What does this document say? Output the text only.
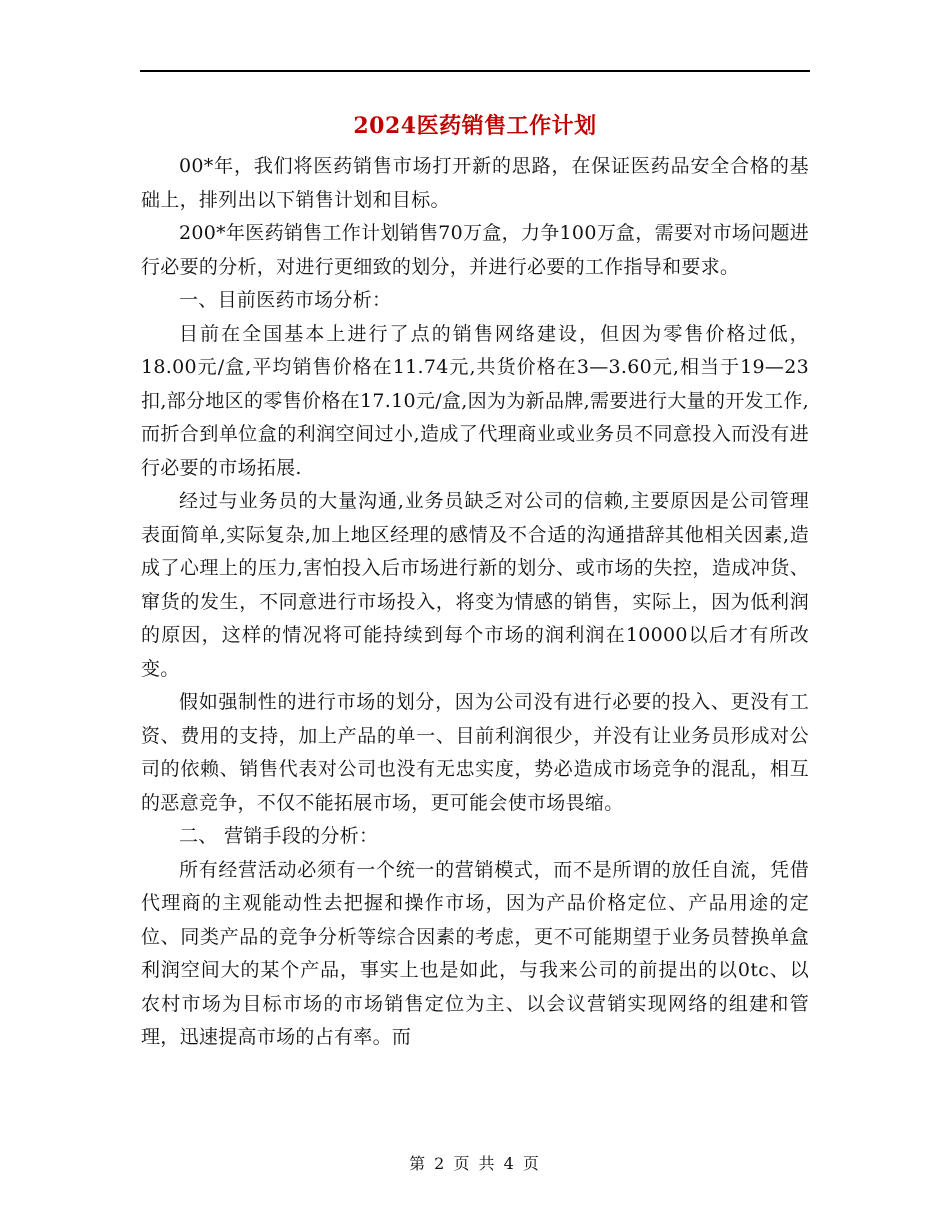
2024医药销售工作计划

00*年，我们将医药销售市场打开新的思路，在保证医药品安全合格的基础上，排列出以下销售计划和目标。

200*年医药销售工作计划销售70万盒，力争100万盒，需要对市场问题进行必要的分析，对进行更细致的划分，并进行必要的工作指导和要求。

一、目前医药市场分析：

目前在全国基本上进行了点的销售网络建设，但因为零售价格过低，18.00元/盒,平均销售价格在11.74元,共货价格在3—3.60元,相当于19—23扣,部分地区的零售价格在17.10元/盒,因为为新品牌,需要进行大量的开发工作,而折合到单位盒的利润空间过小,造成了代理商业或业务员不同意投入而没有进行必要的市场拓展.

经过与业务员的大量沟通,业务员缺乏对公司的信赖,主要原因是公司管理表面简单,实际复杂,加上地区经理的感情及不合适的沟通措辞其他相关因素,造成了心理上的压力,害怕投入后市场进行新的划分、或市场的失控，造成冲货、窜货的发生，不同意进行市场投入，将变为情感的销售，实际上，因为低利润的原因，这样的情况将可能持续到每个市场的润利润在10000以后才有所改变。

假如强制性的进行市场的划分，因为公司没有进行必要的投入、更没有工资、费用的支持，加上产品的单一、目前利润很少，并没有让业务员形成对公司的依赖、销售代表对公司也没有无忠实度，势必造成市场竞争的混乱，相互的恶意竞争，不仅不能拓展市场，更可能会使市场畏缩。

二、 营销手段的分析：

所有经营活动必须有一个统一的营销模式，而不是所谓的放任自流，凭借代理商的主观能动性去把握和操作市场，因为产品价格定位、产品用途的定位、同类产品的竞争分析等综合因素的考虑，更不可能期望于业务员替换单盒利润空间大的某个产品，事实上也是如此，与我来公司的前提出的以0tc、以农村市场为目标市场的市场销售定位为主、以会议营销实现网络的组建和管理，迅速提高市场的占有率。而

第 2 页 共 4 页
